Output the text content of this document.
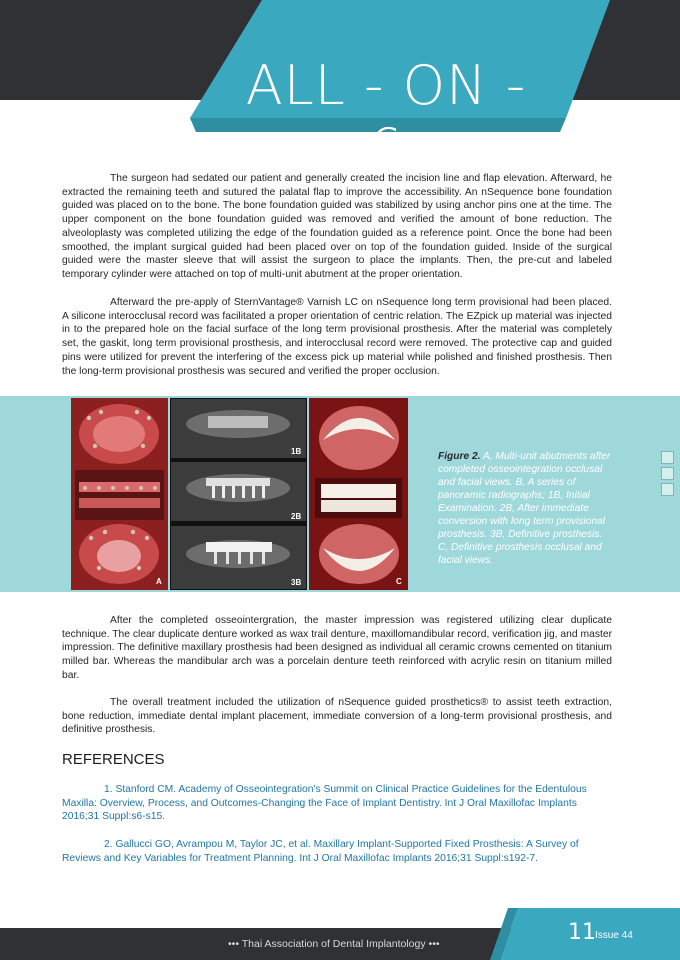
ALL - ON - 6

The surgeon had sedated our patient and generally created the incision line and flap elevation. Afterward, he extracted the remaining teeth and sutured the palatal flap to improve the accessibility. An nSequence bone foundation guided was placed on to the bone. The bone foundation guided was stabilized by using anchor pins one at the time. The upper component on the bone foundation guided was removed and verified the amount of bone reduction. The alveoloplasty was completed utilizing the edge of the foundation guided as a reference point. Once the bone had been smoothed, the implant surgical guided had been placed over on top of the foundation guided. Inside of the surgical guided were the master sleeve that will assist the surgeon to place the implants. Then, the pre-cut and labeled temporary cylinder were attached on top of multi-unit abutment at the proper orientation.

Afterward the pre-apply of SternVantage® Varnish LC on nSequence long term provisional had been placed. A silicone interocclusal record was facilitated a proper orientation of centric relation. The EZpick up material was injected in to the prepared hole on the facial surface of the long term provisional prosthesis. After the material was completely set, the gaskit, long term provisional prosthesis, and interocclusal record were removed. The protective cap and guided pins were utilized for prevent the interfering of the excess pick up material while polished and finished prosthesis. Then the long-term provisional prosthesis was secured and verified the proper occlusion.

A
1B
2B
3B	C
Figure 2. A, Multi-unit abutments after completed osseointegration occlusal and facial views. B, A series of panoramic radiographs; 1B, Initial Examination. 2B, After immediate conversion with long term provisional prosthesis. 3B, Definitive prosthesis. C, Definitive prosthesis occlusal and facial views.

After the completed osseointergration, the master impression was registered utilizing clear duplicate technique. The clear duplicate denture worked as wax trail denture, maxillomandibular record, verification jig, and master impression. The definitive maxillary prosthesis had been designed as individual all ceramic crowns cemented on titanium milled bar. Whereas the mandibular arch was a porcelain denture teeth reinforced with acrylic resin on titanium milled bar.

The overall treatment included the utilization of nSequence guided prosthetics® to assist teeth extraction, bone reduction, immediate dental implant placement, immediate conversion of a long-term provisional prosthesis, and definitive prosthesis.

REFERENCES

1. Stanford CM. Academy of Osseointegration's Summit on Clinical Practice Guidelines for the Edentulous Maxilla: Overview, Process, and Outcomes-Changing the Face of Implant Dentistry. Int J Oral Maxillofac Implants 2016;31 Suppl:s6-s15.

2. Gallucci GO, Avrampou M, Taylor JC, et al. Maxillary Implant-Supported Fixed Prosthesis: A Survey of Reviews and Key Variables for Treatment Planning. Int J Oral Maxillofac Implants 2016;31 Suppl:s192-7.

••• Thai Association of Dental Implantology •••	11 Issue 44
